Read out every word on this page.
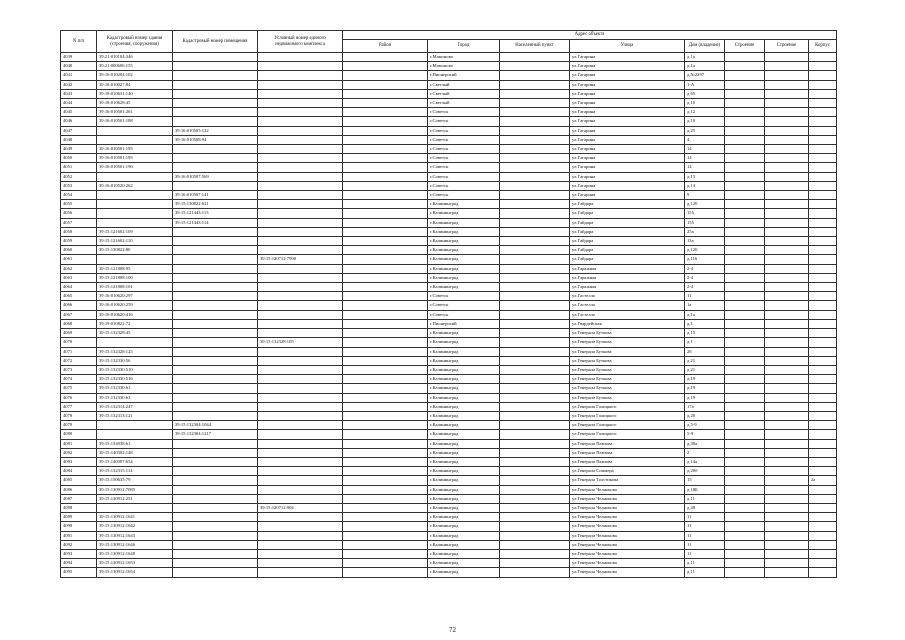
N п/п	Кадастровый номер здания (строения, сооружения)	Кадастровый номер помещения	Условный номер единого недвижимого комплекса	Адрес объекта							
				Район	Город	Населенный пункт	Улица	Дом (владение)	Строение	Строение	Корпус
4039	39:21:010104:346				г.Мамоново		ул.Гагарина	д.1а			
4040	39:21:000606:155				г.Мамоново		ул.Гагарина	д.1а			
4041	39:16:010204:102				г.Пионерский		ул.Гагарина	д.№2297			
4042	39:18:010027:84				г.Светлый		ул.Гагарина	1-А			
4043	39:18:010631:140				г.Светлый		ул.Гагарина	д.65			
4044	39:18:010628:45				г.Светлый		ул.Гагарина	д.10			
4045	39:16:010501:261				г.Советск		ул.Гагарина	д.12			
4046	39:16:010501:188				г.Советск		ул.Гагарина	д.10			
4047		39:16:010505:122			г.Советск		ул.Гагарина	д.25			
4048		39:16:010508:94			г.Советск		ул.Гагарина	4			
4049	39:16:010501:193				г.Советск		ул.Гагарина	14			
4050	39:16:010501:195				г.Советск		ул.Гагарина	14			
4051	39:16:010501:196				г.Советск		ул.Гагарина	14			
4052		39:16:010507:569			г.Советск		ул.Гагарина	д.13			
4053	39:16:010520:262				г.Советск		ул.Гагарина	д.14			
4054		39:16:010507:141			г.Советск		ул.Гагарина	9			
4055		39:15:130822:621			г.Калининград		ул.Гайдара	д.120			
4056		39:15:121443:113			г.Калининград		ул.Гайдара	155			
4057		39:15:121443:114			г.Калининград		ул.Гайдара	155			
4058	39:15:121602:109				г.Калининград		ул.Гайдара	25а			
4059	39:15:121602:110				г.Калининград		ул.Гайдара	13а			
4060	39:15:130822:80				г.Калининград		ул.Гайдара	д.120			
4061			39:15:120712:7990		г.Калининград		ул.Гайдара	д.116			
4062	39:15:121808:95				г.Калининград		ул.Гаражная	2-4			
4063	39:15:121808:100				г.Калининград		ул.Гаражная	2-4			
4064	39:15:121808:101				г.Калининград		ул.Гаражная	2-4			
4065	39:16:010620:297				г.Советск		ул.Гастелло	11			
4066	39:16:010620:259				г.Советск		ул.Гастелло	1а			
4067	39:16:010620:416				г.Советск		ул.Гастелло	д.1а			
4068	39:19:010822:72				г.Пионерский		ул.Гвардейская	д.1			
4069	39:15:132328:45				г.Калининград		ул.Генерала Буткова	д.15			
4070			39:15:132328:105		г.Калининград		ул.Генерала Буткова	д.1			
4071	39:15:132328:125				г.Калининград		ул.Генерала Буткова	26			
4072	39:15:132330:56				г.Калининград		ул.Генерала Буткова	д.21			
4073	39:15:132330:510				г.Калининград		ул.Генерала Буткова	д.21			
4074	39:15:132330:516				г.Калининград		ул.Генерала Буткова	д.19			
4075	39:15:132330:61				г.Калининград		ул.Генерала Буткова	д.19			
4076	39:15:132330:63				г.Калининград		ул.Генерала Буткова	д.19			
4077	39:15:132314:247				г.Калининград		ул.Генерала Галицкого	17а			
4078	39:15:132313:121				г.Калининград		ул.Генерала Галицкого	д.20			
4079		39:15:132304:1044			г.Калининград		ул.Генерала Галицкого	д.5-9			
4080		39:15:132304:1217			г.Калининград		ул.Генерала Галицкого	5-9			
4081	39:15:134938:61				г.Калининград		ул.Генерала Павлова	д.30а			
4082	39:15:140302:148				г.Калининград		ул.Генерала Павлова	2			
4083	39:15:140307:654				г.Калининград		ул.Генерала Павлова	д.14а			
4084	39:15:132315:114				г.Калининград		ул.Генерала Соммера	д.20б			
4085	39:15:150635:79				г.Калининград		ул.Генерала Толстикова	15			2а
4086	39:15:130912:7085				г.Калининград		ул.Генерала Челнокова	д.18Б			
4087	39:15:130912:251				г.Калининград		ул.Генерала Челнокова	д.11			
4088			39:15:120712:904		г.Калининград		ул.Генерала Челнокова	д.38			
4089	39:15:130912:1641				г.Калининград		ул.Генерала Челнокова	11			
4090	39:15:130912:1642				г.Калининград		ул.Генерала Челнокова	11			
4091	39:15:130912:1643				г.Калининград		ул.Генерала Челнокова	11			
4092	39:15:130912:1646				г.Калининград		ул.Генерала Челнокова	11			
4093	39:15:130912:1648				г.Калининград		ул.Генерала Челнокова	11			
4094	39:15:130912:1653				г.Калининград		ул.Генерала Челнокова	д.11			
4095	39:15:130912:1654				г.Калининград		ул.Генерала Челнокова	д.11			
72
